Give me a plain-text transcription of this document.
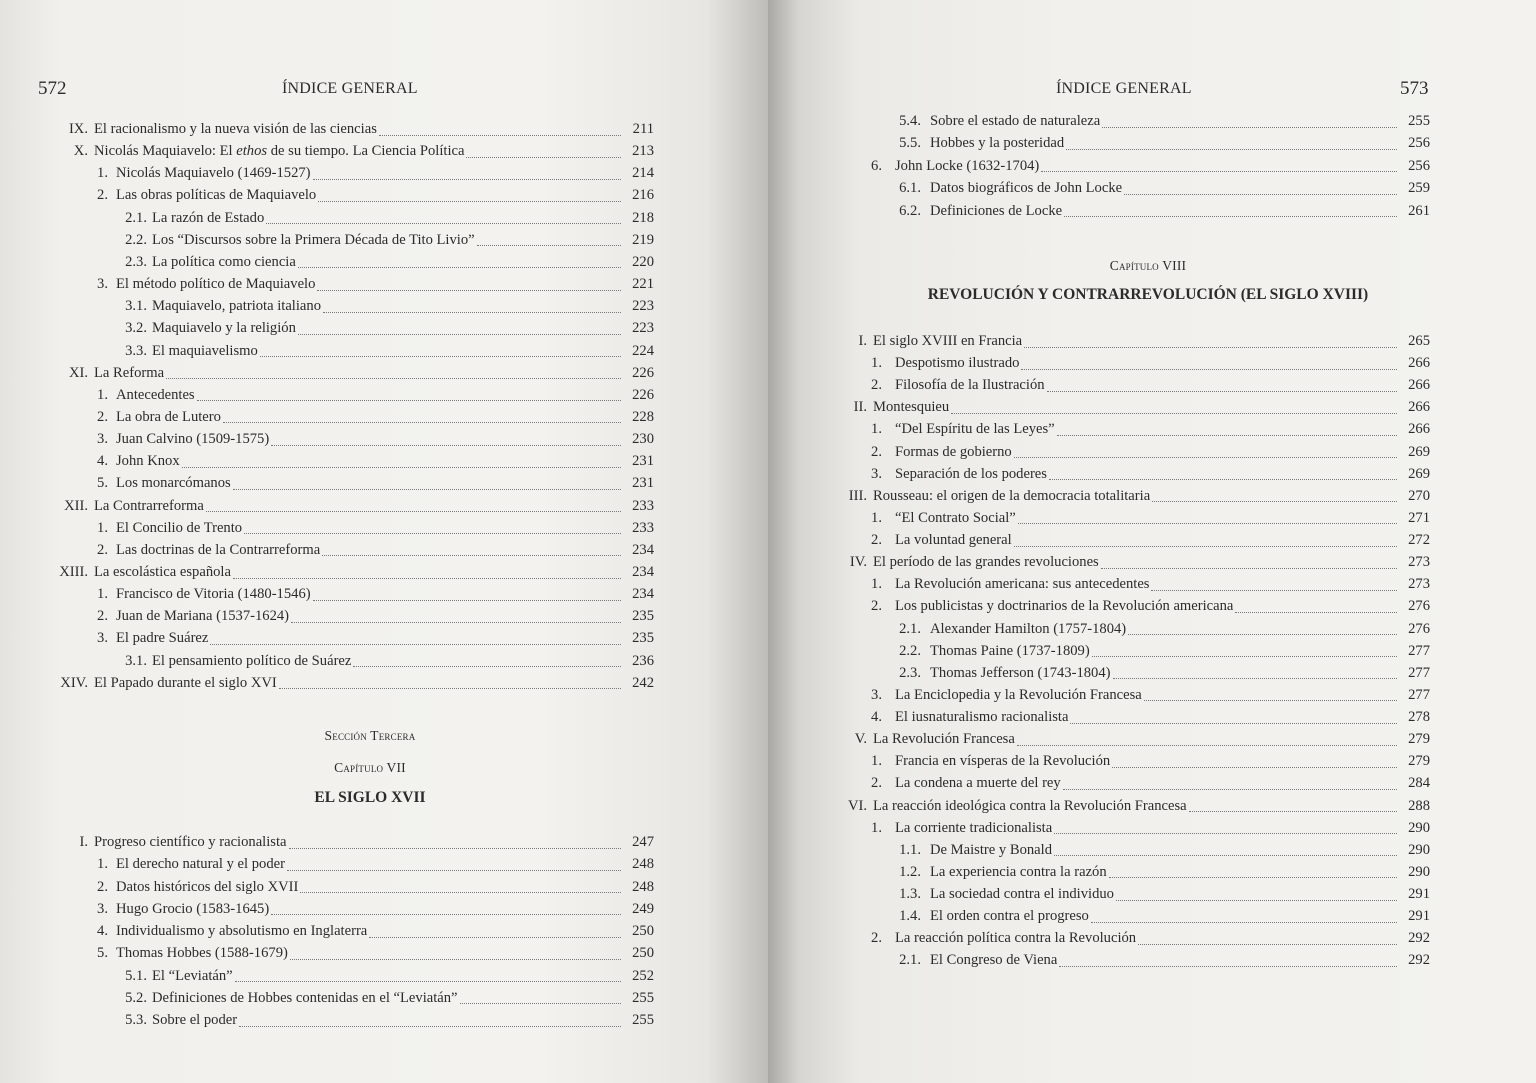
572	ÍNDICE GENERAL
IX. El racionalismo y la nueva visión de las ciencias	211
X. Nicolás Maquiavelo: El ethos de su tiempo. La Ciencia Política	213
1. Nicolás Maquiavelo (1469-1527)	214
2. Las obras políticas de Maquiavelo	216
2.1. La razón de Estado	218
2.2. Los “Discursos sobre la Primera Década de Tito Livio”	219
2.3. La política como ciencia	220
3. El método político de Maquiavelo	221
3.1. Maquiavelo, patriota italiano	223
3.2. Maquiavelo y la religión	223
3.3. El maquiavelismo	224
XI. La Reforma	226
1. Antecedentes	226
2. La obra de Lutero	228
3. Juan Calvino (1509-1575)	230
4. John Knox	231
5. Los monarcómanos	231
XII. La Contrarreforma	233
1. El Concilio de Trento	233
2. Las doctrinas de la Contrarreforma	234
XIII. La escolástica española	234
1. Francisco de Vitoria (1480-1546)	234
2. Juan de Mariana (1537-1624)	235
3. El padre Suárez	235
3.1. El pensamiento político de Suárez	236
XIV. El Papado durante el siglo XVI	242
Sección Tercera
Capítulo VII
EL SIGLO XVII
I. Progreso científico y racionalista	247
1. El derecho natural y el poder	248
2. Datos históricos del siglo XVII	248
3. Hugo Grocio (1583-1645)	249
4. Individualismo y absolutismo en Inglaterra	250
5. Thomas Hobbes (1588-1679)	250
5.1. El “Leviatán”	252
5.2. Definiciones de Hobbes contenidas en el “Leviatán”	255
5.3. Sobre el poder	255
ÍNDICE GENERAL	573
5.4. Sobre el estado de naturaleza	255
5.5. Hobbes y la posteridad	256
6. John Locke (1632-1704)	256
6.1. Datos biográficos de John Locke	259
6.2. Definiciones de Locke	261
Capítulo VIII
REVOLUCIÓN Y CONTRARREVOLUCIÓN (EL SIGLO XVIII)
I. El siglo XVIII en Francia	265
1. Despotismo ilustrado	266
2. Filosofía de la Ilustración	266
II. Montesquieu	266
1. “Del Espíritu de las Leyes”	266
2. Formas de gobierno	269
3. Separación de los poderes	269
III. Rousseau: el origen de la democracia totalitaria	270
1. “El Contrato Social”	271
2. La voluntad general	272
IV. El período de las grandes revoluciones	273
1. La Revolución americana: sus antecedentes	273
2. Los publicistas y doctrinarios de la Revolución americana	276
2.1. Alexander Hamilton (1757-1804)	276
2.2. Thomas Paine (1737-1809)	277
2.3. Thomas Jefferson (1743-1804)	277
3. La Enciclopedia y la Revolución Francesa	277
4. El iusnaturalismo racionalista	278
V. La Revolución Francesa	279
1. Francia en vísperas de la Revolución	279
2. La condena a muerte del rey	284
VI. La reacción ideológica contra la Revolución Francesa	288
1. La corriente tradicionalista	290
1.1. De Maistre y Bonald	290
1.2. La experiencia contra la razón	290
1.3. La sociedad contra el individuo	291
1.4. El orden contra el progreso	291
2. La reacción política contra la Revolución	292
2.1. El Congreso de Viena	292
